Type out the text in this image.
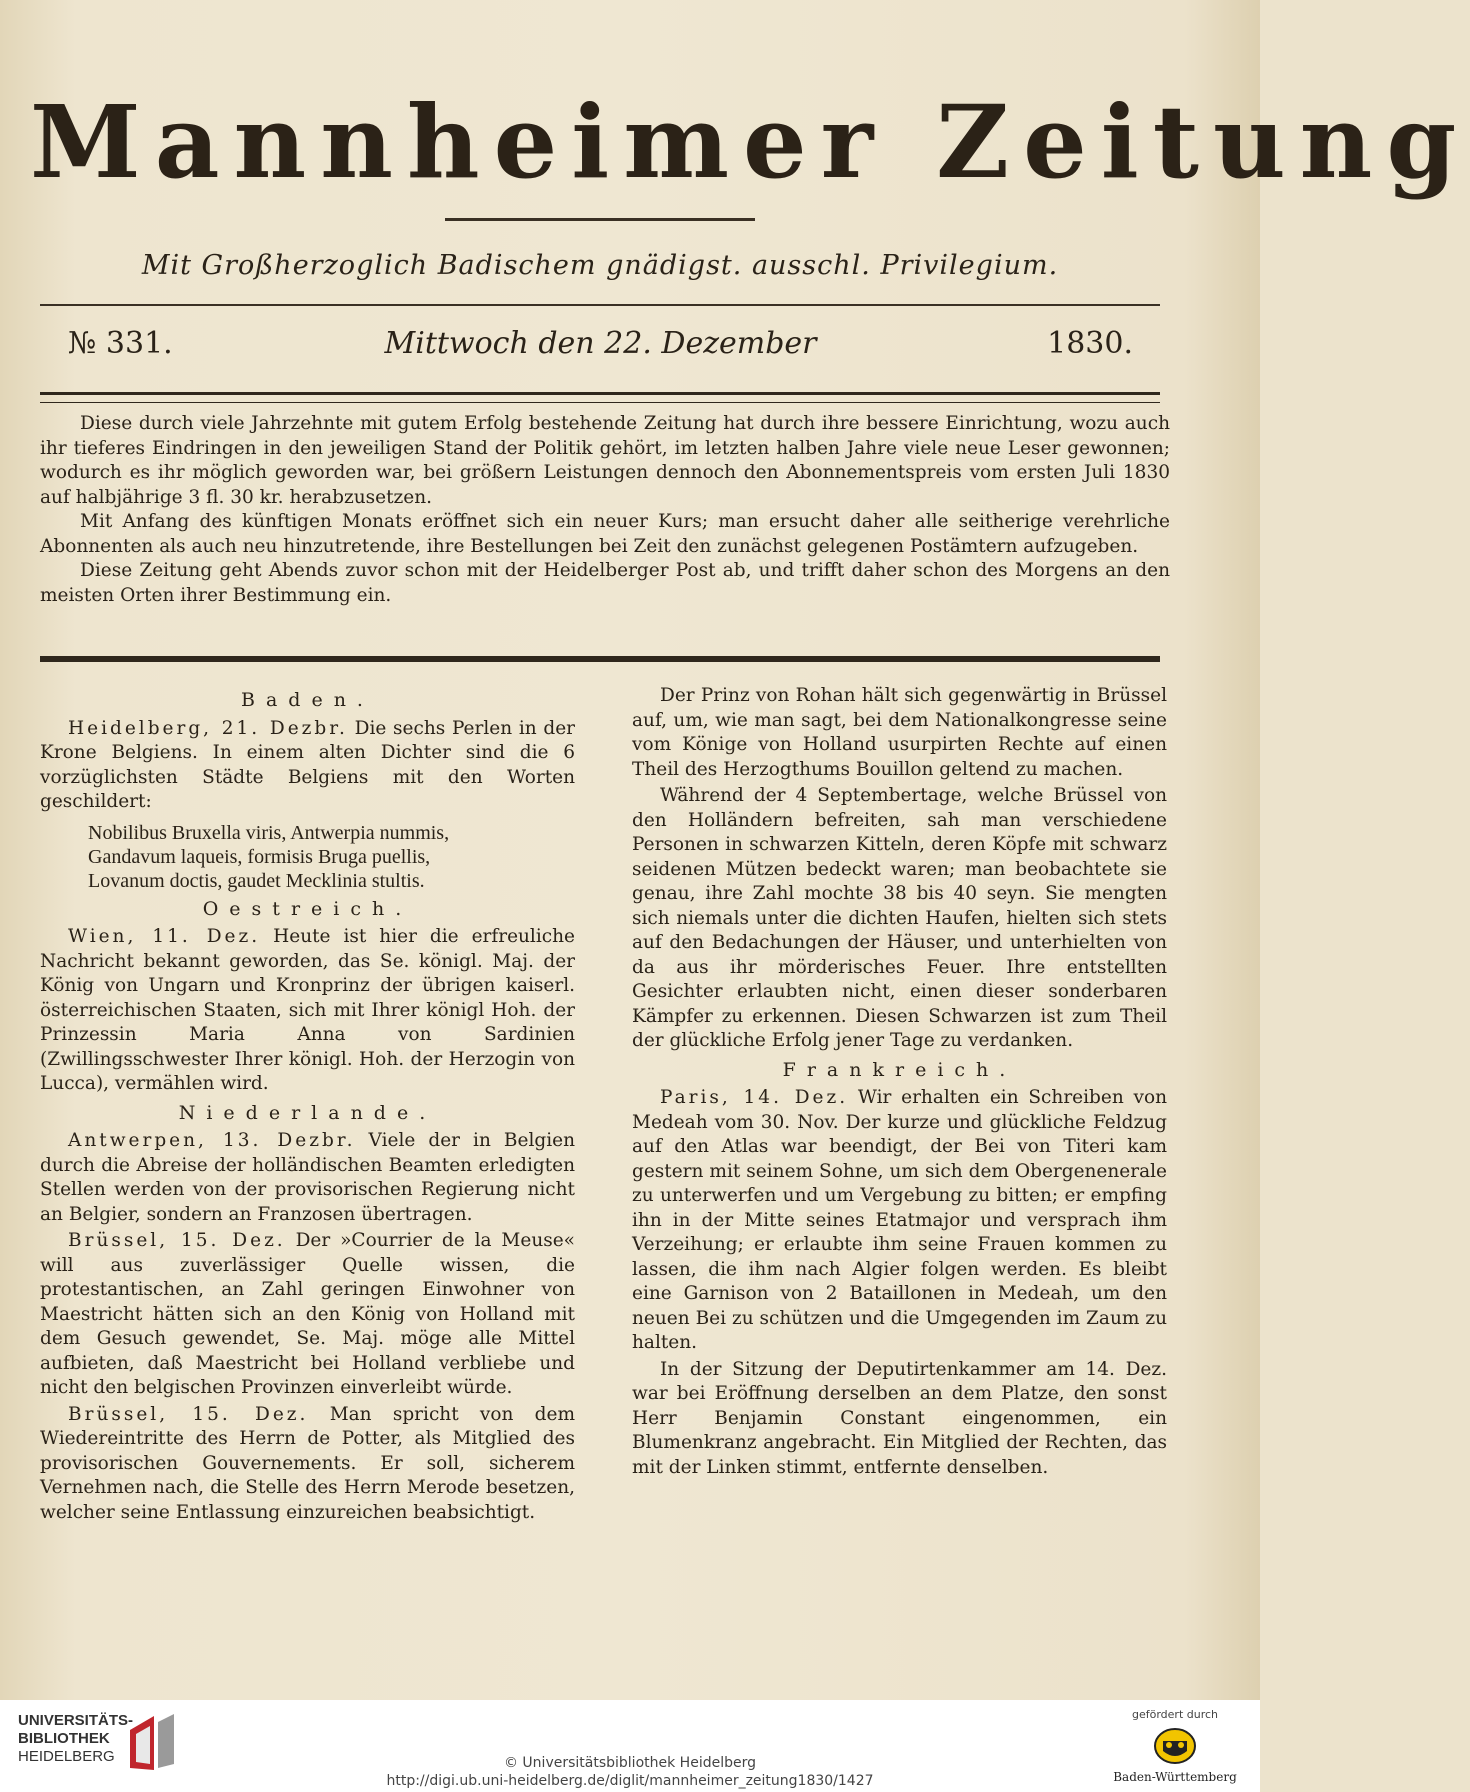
Mannheimer Zeitung
Mit Großherzoglich Badischem gnädigst. ausschl. Privilegium.
Mittwoch den 22. Dezember
№ 331.	1830.

Diese durch viele Jahrzehnte mit gutem Erfolg bestehende Zeitung hat durch ihre bessere Einrichtung, wozu auch ihr tieferes Eindringen in den jeweiligen Stand der Politik gehört, im letzten halben Jahre viele neue Leser gewonnen; wodurch es ihr möglich geworden war, bei größern Leistungen dennoch den Abonnementspreis vom ersten Juli 1830 auf halbjährige 3 fl. 30 kr. herabzusetzen.

Mit Anfang des künftigen Monats eröffnet sich ein neuer Kurs; man ersucht daher alle seitherige verehrliche Abonnenten als auch neu hinzutretende, ihre Bestellungen bei Zeit den zunächst gelegenen Postämtern aufzugeben.

Diese Zeitung geht Abends zuvor schon mit der Heidelberger Post ab, und trifft daher schon des Morgens an den meisten Orten ihrer Bestimmung ein.

Baden.

Heidelberg, 21. Dezbr. Die sechs Perlen in der Krone Belgiens. In einem alten Dichter sind die 6 vorzüglichsten Städte Belgiens mit den Worten geschildert:

Nobilibus Bruxella viris, Antwerpia nummis,
Gandavum laqueis, formisis Bruga puellis,
Lovanum doctis, gaudet Mecklinia stultis.
Oestreich.

Wien, 11. Dez. Heute ist hier die erfreuliche Nachricht bekannt geworden, das Se. königl. Maj. der König von Ungarn und Kronprinz der übrigen kaiserl. österreichischen Staaten, sich mit Ihrer königl Hoh. der Prinzessin Maria Anna von Sardinien (Zwillingsschwester Ihrer königl. Hoh. der Herzogin von Lucca), vermählen wird.

Niederlande.

Antwerpen, 13. Dezbr. Viele der in Belgien durch die Abreise der holländischen Beamten erledigten Stellen werden von der provisorischen Regierung nicht an Belgier, sondern an Franzosen übertragen.

Brüssel, 15. Dez. Der »Courrier de la Meuse« will aus zuverlässiger Quelle wissen, die protestantischen, an Zahl geringen Einwohner von Maestricht hätten sich an den König von Holland mit dem Gesuch gewendet, Se. Maj. möge alle Mittel aufbieten, daß Maestricht bei Holland verbliebe und nicht den belgischen Provinzen einverleibt würde.

Brüssel, 15. Dez. Man spricht von dem Wiedereintritte des Herrn de Potter, als Mitglied des provisorischen Gouvernements. Er soll, sicherem Vernehmen nach, die Stelle des Herrn Merode besetzen, welcher seine Entlassung einzureichen beabsichtigt.

Der Prinz von Rohan hält sich gegenwärtig in Brüssel auf, um, wie man sagt, bei dem Nationalkongresse seine vom Könige von Holland usurpirten Rechte auf einen Theil des Herzogthums Bouillon geltend zu machen.

Während der 4 Septembertage, welche Brüssel von den Holländern befreiten, sah man verschiedene Personen in schwarzen Kitteln, deren Köpfe mit schwarz seidenen Mützen bedeckt waren; man beobachtete sie genau, ihre Zahl mochte 38 bis 40 seyn. Sie mengten sich niemals unter die dichten Haufen, hielten sich stets auf den Bedachungen der Häuser, und unterhielten von da aus ihr mörderisches Feuer. Ihre entstellten Gesichter erlaubten nicht, einen dieser sonderbaren Kämpfer zu erkennen. Diesen Schwarzen ist zum Theil der glückliche Erfolg jener Tage zu verdanken.

Frankreich.

Paris, 14. Dez. Wir erhalten ein Schreiben von Medeah vom 30. Nov. Der kurze und glückliche Feldzug auf den Atlas war beendigt, der Bei von Titeri kam gestern mit seinem Sohne, um sich dem Obergenenerale zu unterwerfen und um Vergebung zu bitten; er empfing ihn in der Mitte seines Etatmajor und versprach ihm Verzeihung; er erlaubte ihm seine Frauen kommen zu lassen, die ihm nach Algier folgen werden. Es bleibt eine Garnison von 2 Bataillonen in Medeah, um den neuen Bei zu schützen und die Umgegenden im Zaum zu halten.

In der Sitzung der Deputirtenkammer am 14. Dez. war bei Eröffnung derselben an dem Platze, den sonst Herr Benjamin Constant eingenommen, ein Blumenkranz angebracht. Ein Mitglied der Rechten, das mit der Linken stimmt, entfernte denselben.

UNIVERSITÄTS-
BIBLIOTHEK
HEIDELBERG	© Universitätsbibliothek Heidelberg
http://digi.ub.uni-heidelberg.de/diglit/mannheimer_zeitung1830/1427
gefördert durch
Baden-Württemberg
